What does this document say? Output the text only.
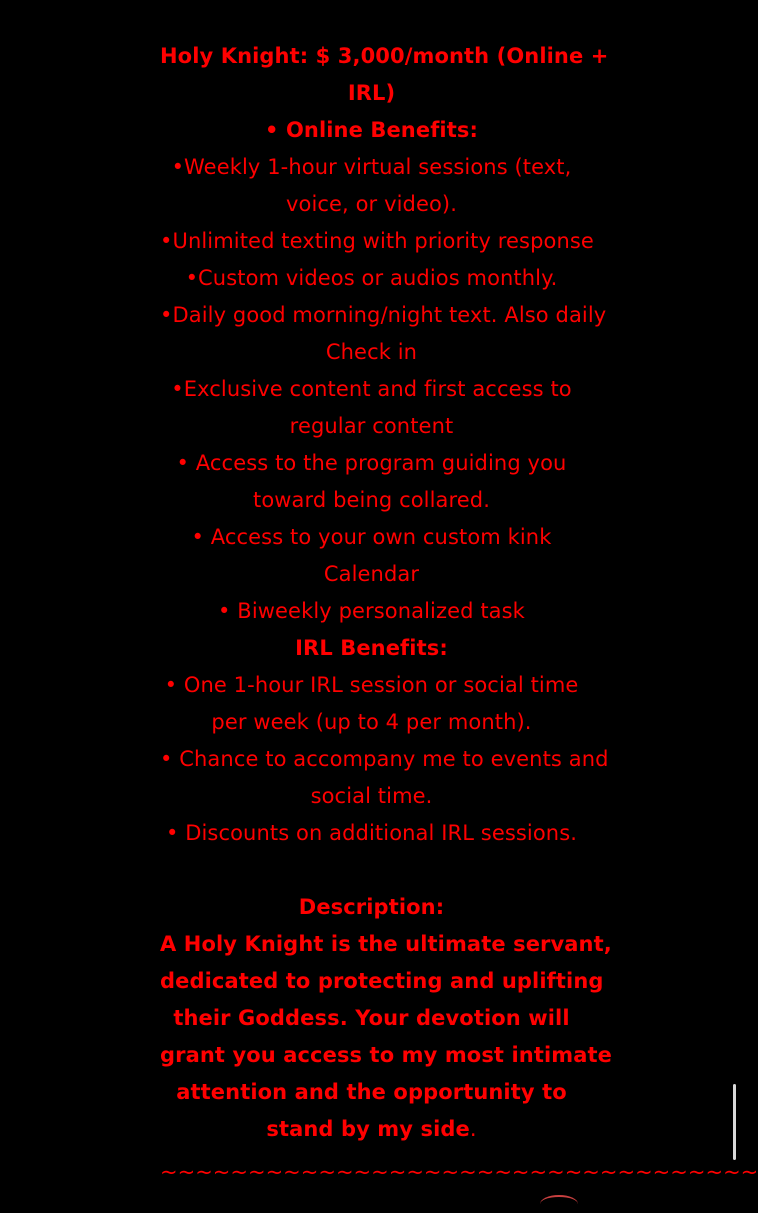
Holy Knight: $ 3,000/month (Online +
IRL)
• Online Benefits:
•Weekly 1-hour virtual sessions (text,
voice, or video).
•Unlimited texting with priority response
•Custom videos or audios monthly.
•Daily good morning/night text. Also daily
Check in
•Exclusive content and first access to
regular content
• Access to the program guiding you
toward being collared.
• Access to your own custom kink
Calendar
• Biweekly personalized task
IRL Benefits:
• One 1-hour IRL session or social time
per week (up to 4 per month).
• Chance to accompany me to events and
social time.
• Discounts on additional IRL sessions.
Description:
A Holy Knight is the ultimate servant,
dedicated to protecting and uplifting
their Goddess. Your devotion will
grant you access to my most intimate
attention and the opportunity to
stand by my side.
~~~~~~~~~~~~~~~~~~~~~~~~~~~~~~~~~~
